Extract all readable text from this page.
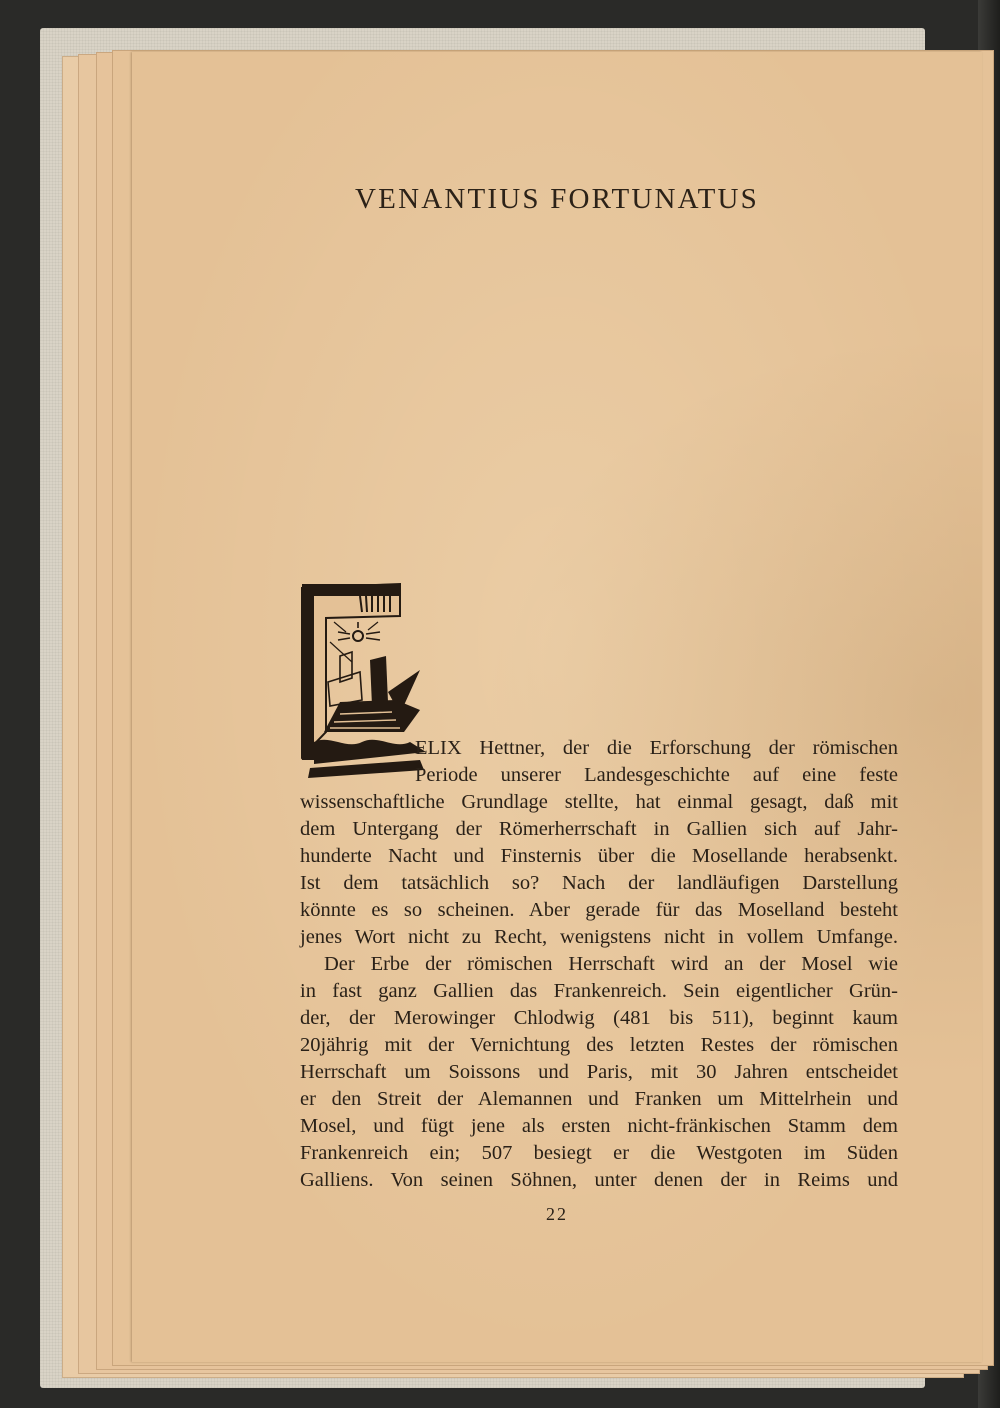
VENANTIUS FORTUNATUS
22
ELIX Hettner, der die Erforschung der römischen
Periode unserer Landesgeschichte auf eine feste
wissenschaftliche Grundlage stellte, hat einmal gesagt, daß mit
dem Untergang der Römerherrschaft in Gallien sich auf Jahr-
hunderte Nacht und Finsternis über die Mosellande herabsenkt.
Ist dem tatsächlich so? Nach der landläufigen Darstellung
könnte es so scheinen. Aber gerade für das Moselland besteht
jenes Wort nicht zu Recht, wenigstens nicht in vollem Umfange.
Der Erbe der römischen Herrschaft wird an der Mosel wie
in fast ganz Gallien das Frankenreich. Sein eigentlicher Grün-
der, der Merowinger Chlodwig (481 bis 511), beginnt kaum
20jährig mit der Vernichtung des letzten Restes der römischen
Herrschaft um Soissons und Paris, mit 30 Jahren entscheidet
er den Streit der Alemannen und Franken um Mittelrhein und
Mosel, und fügt jene als ersten nicht-fränkischen Stamm dem
Frankenreich ein; 507 besiegt er die Westgoten im Süden
Galliens. Von seinen Söhnen, unter denen der in Reims und
